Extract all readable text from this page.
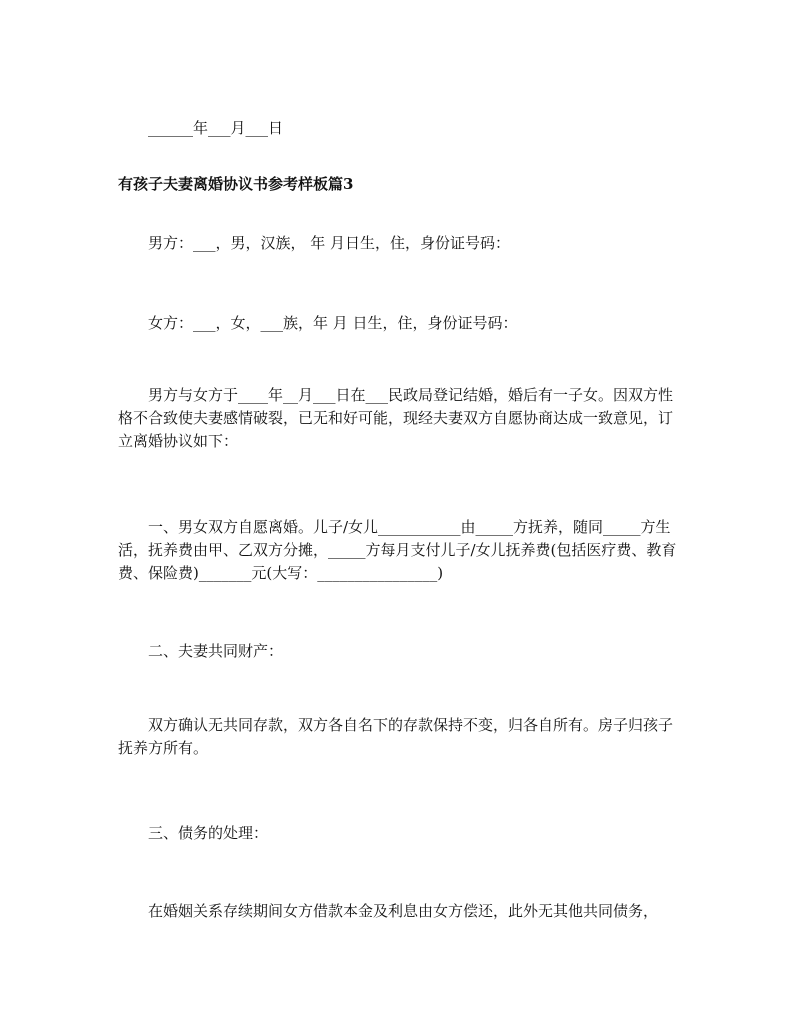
______年___月___日
有孩子夫妻离婚协议书参考样板篇3
男方：___，男，汉族， 年 月日生，住，身份证号码：
女方：___，女，___族，年 月 日生，住，身份证号码：
男方与女方于____年__月___日在___民政局登记结婚，婚后有一子女。因双方性格不合致使夫妻感情破裂，已无和好可能，现经夫妻双方自愿协商达成一致意见，订立离婚协议如下：
一、男女双方自愿离婚。儿子/女儿___________由_____方抚养，随同_____方生活，抚养费由甲、乙双方分摊，_____方每月支付儿子/女儿抚养费(包括医疗费、教育费、保险费)_______元(大写：________________)
二、夫妻共同财产：
双方确认无共同存款，双方各自名下的存款保持不变，归各自所有。房子归孩子抚养方所有。
三、债务的处理：
在婚姻关系存续期间女方借款本金及利息由女方偿还，此外无其他共同债务，
